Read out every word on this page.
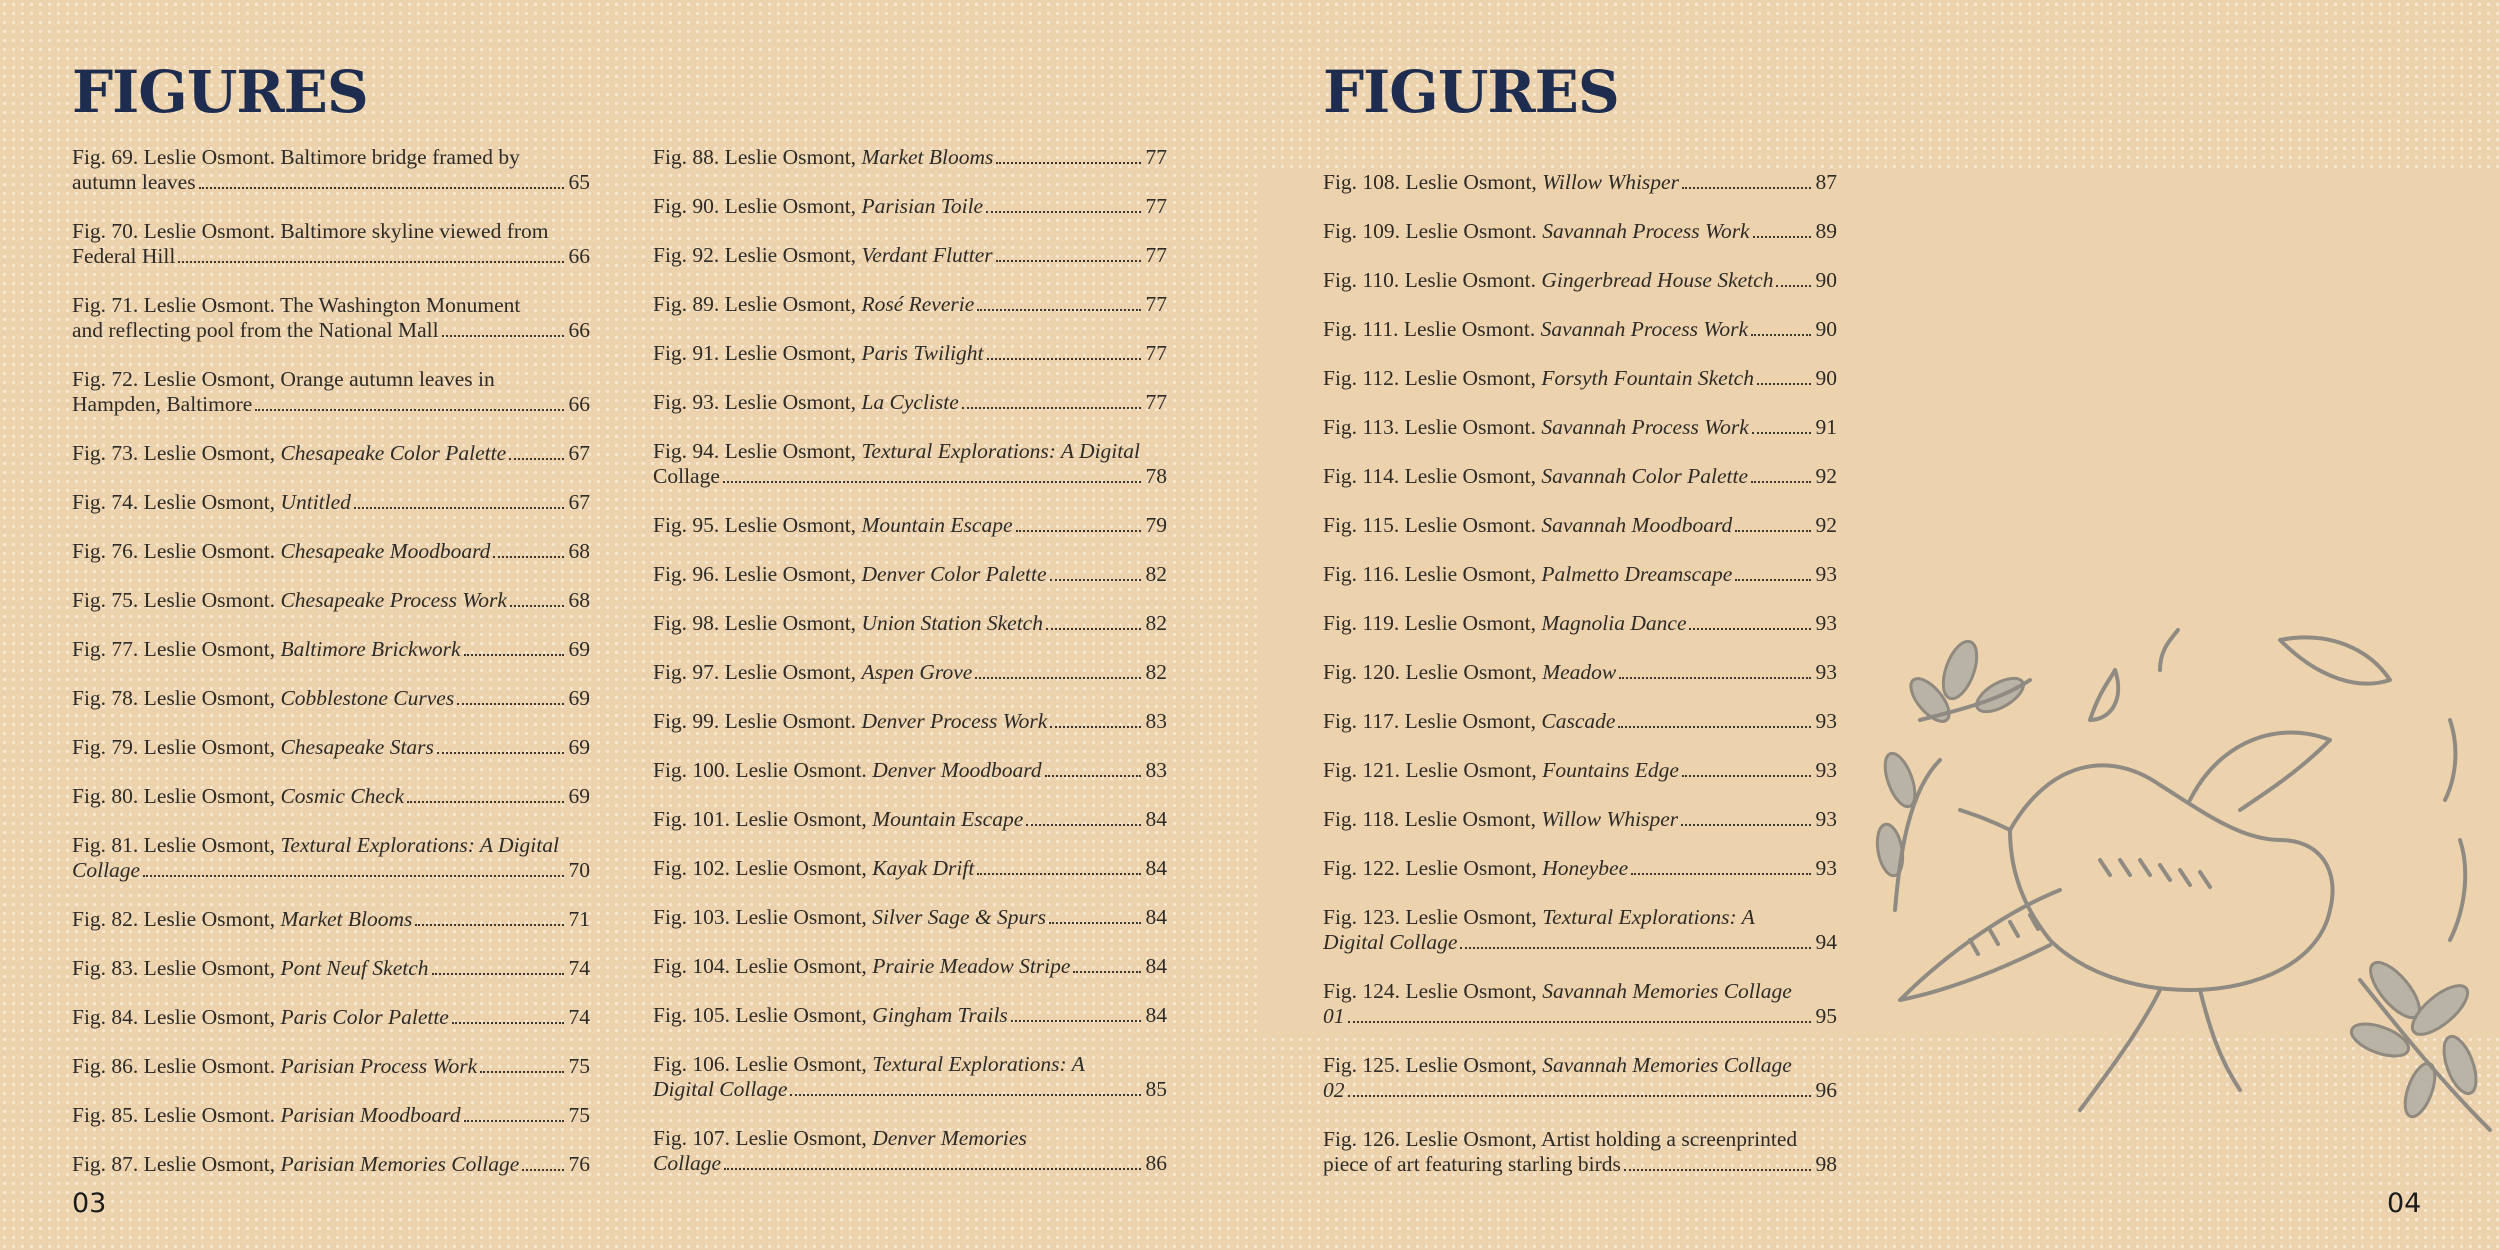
FIGURES
Fig. 69. Leslie Osmont. Baltimore bridge framed by
autumn leaves	65
Fig. 70. Leslie Osmont. Baltimore skyline viewed from
Federal Hill	66
Fig. 71. Leslie Osmont. The Washington Monument
and reflecting pool from the National Mall	66
Fig. 72. Leslie Osmont, Orange autumn leaves in
Hampden, Baltimore	66
Fig. 73. Leslie Osmont, Chesapeake Color Palette	67
Fig. 74. Leslie Osmont, Untitled	67
Fig. 76. Leslie Osmont. Chesapeake Moodboard	68
Fig. 75. Leslie Osmont. Chesapeake Process Work	68
Fig. 77. Leslie Osmont, Baltimore Brickwork	69
Fig. 78. Leslie Osmont, Cobblestone Curves	69
Fig. 79. Leslie Osmont, Chesapeake Stars	69
Fig. 80. Leslie Osmont, Cosmic Check	69
Fig. 81. Leslie Osmont, Textural Explorations: A Digital
Collage	70
Fig. 82. Leslie Osmont, Market Blooms	71
Fig. 83. Leslie Osmont, Pont Neuf Sketch	74
Fig. 84. Leslie Osmont, Paris Color Palette	74
Fig. 86. Leslie Osmont. Parisian Process Work	75
Fig. 85. Leslie Osmont. Parisian Moodboard	75
Fig. 87. Leslie Osmont, Parisian Memories Collage 76
Fig. 88. Leslie Osmont, Market Blooms	77
Fig. 90. Leslie Osmont, Parisian Toile	77
Fig. 92. Leslie Osmont, Verdant Flutter	77
Fig. 89. Leslie Osmont, Rosé Reverie	77
Fig. 91. Leslie Osmont, Paris Twilight	77
Fig. 93. Leslie Osmont, La Cycliste	77
Fig. 94. Leslie Osmont, Textural Explorations: A Digital
Collage	78
Fig. 95. Leslie Osmont, Mountain Escape	79
Fig. 96. Leslie Osmont, Denver Color Palette	82
Fig. 98. Leslie Osmont, Union Station Sketch	82
Fig. 97. Leslie Osmont, Aspen Grove	82
Fig. 99. Leslie Osmont. Denver Process Work	83
Fig. 100. Leslie Osmont. Denver Moodboard	83
Fig. 101. Leslie Osmont, Mountain Escape	84
Fig. 102. Leslie Osmont, Kayak Drift	84
Fig. 103. Leslie Osmont, Silver Sage & Spurs	84
Fig. 104. Leslie Osmont, Prairie Meadow Stripe	84
Fig. 105. Leslie Osmont, Gingham Trails	84
Fig. 106. Leslie Osmont, Textural Explorations: A
Digital Collage	85
Fig. 107. Leslie Osmont, Denver Memories
Collage	86

03

FIGURES
Fig. 108. Leslie Osmont, Willow Whisper	87
Fig. 109. Leslie Osmont. Savannah Process Work	89
Fig. 110. Leslie Osmont. Gingerbread House Sketch 90
Fig. 111. Leslie Osmont. Savannah Process Work	90
Fig. 112. Leslie Osmont, Forsyth Fountain Sketch	90
Fig. 113. Leslie Osmont. Savannah Process Work	91
Fig. 114. Leslie Osmont, Savannah Color Palette	92
Fig. 115. Leslie Osmont. Savannah Moodboard	92
Fig. 116. Leslie Osmont, Palmetto Dreamscape	93
Fig. 119. Leslie Osmont, Magnolia Dance	93
Fig. 120. Leslie Osmont, Meadow	93
Fig. 117. Leslie Osmont, Cascade	93
Fig. 121. Leslie Osmont, Fountains Edge	93
Fig. 118. Leslie Osmont, Willow Whisper	93
Fig. 122. Leslie Osmont, Honeybee	93
Fig. 123. Leslie Osmont, Textural Explorations: A
Digital Collage	94
Fig. 124. Leslie Osmont, Savannah Memories Collage
01	95
Fig. 125. Leslie Osmont, Savannah Memories Collage
02	96
Fig. 126. Leslie Osmont, Artist holding a screenprinted
piece of art featuring starling birds	98

04
